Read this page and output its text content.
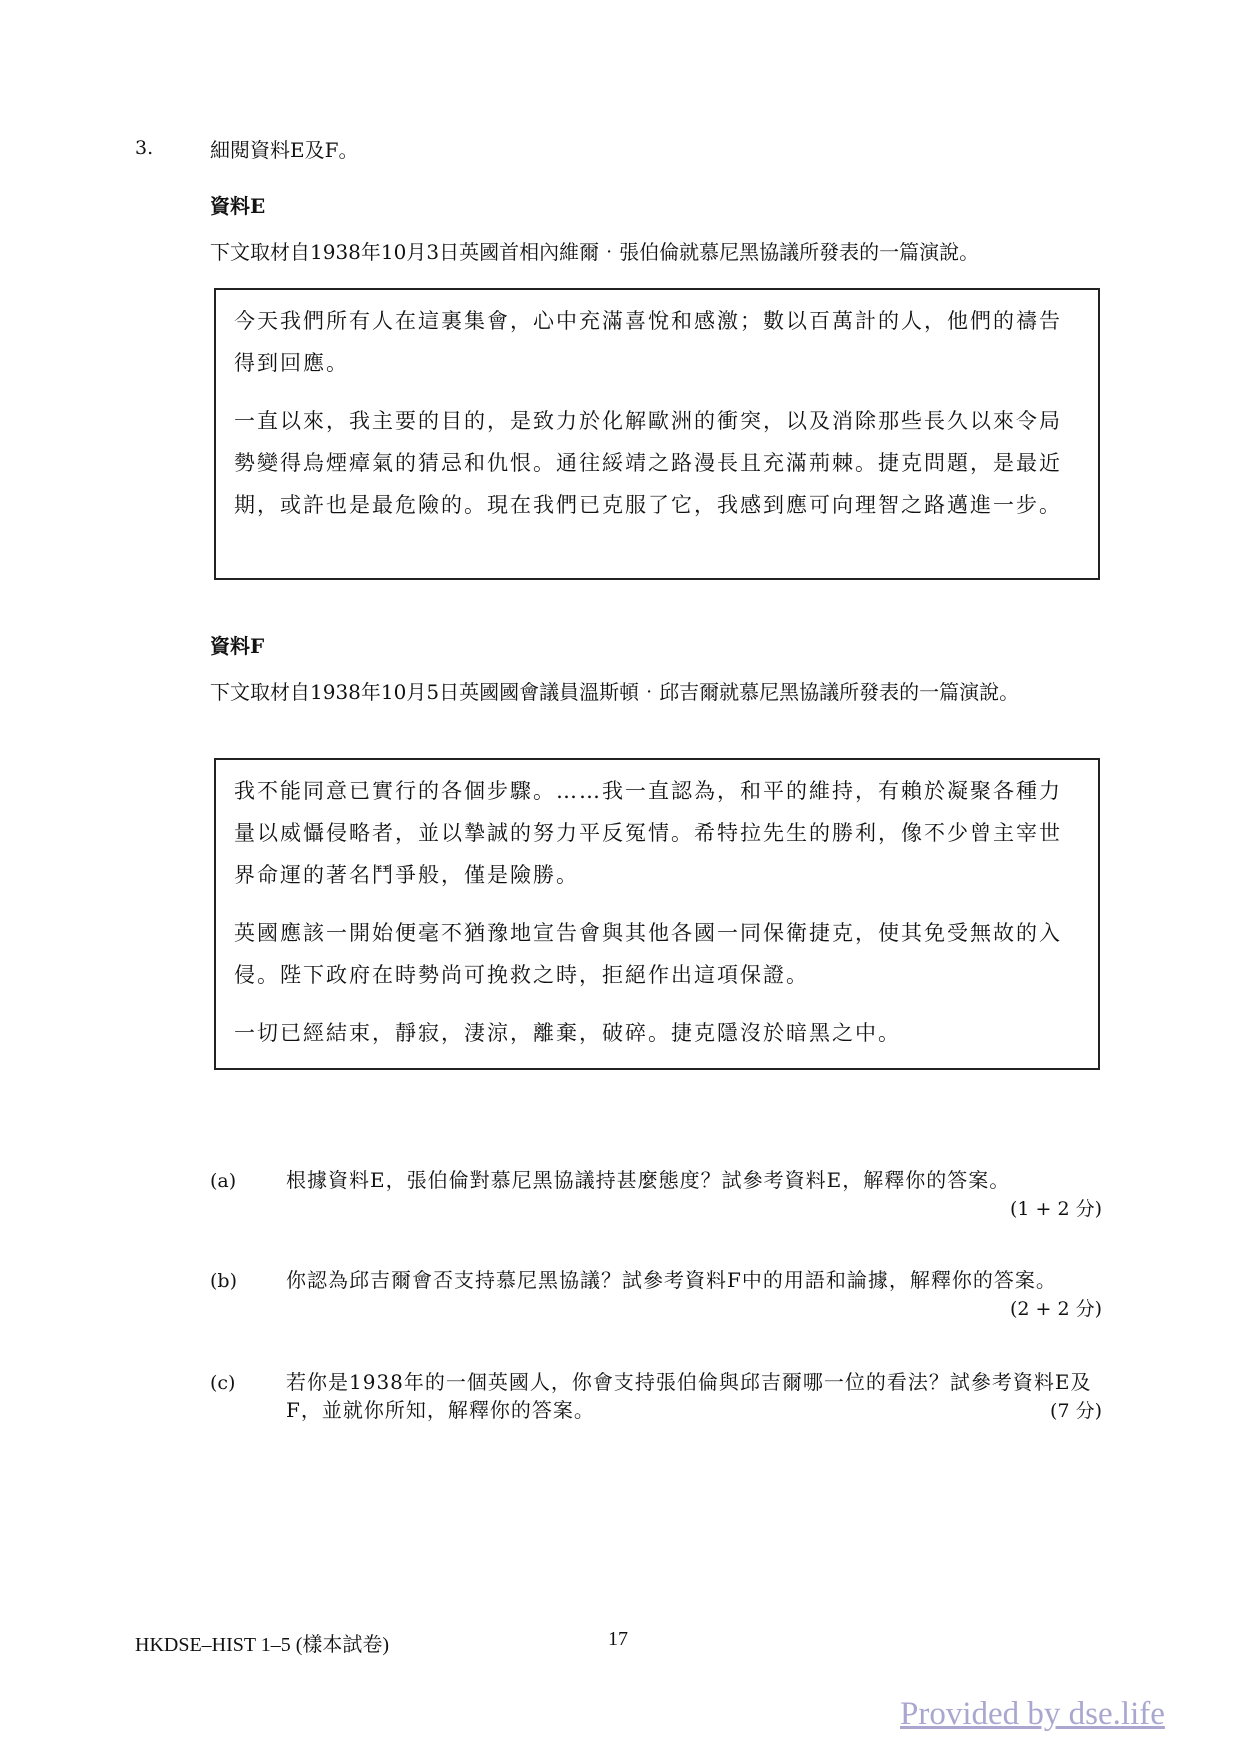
3.	細閱資料E及F。
資料E
下文取材自1938年10月3日英國首相內維爾‧張伯倫就慕尼黑協議所發表的一篇演說。

今天我們所有人在這裏集會，心中充滿喜悅和感激；數以百萬計的人，他們的禱告得到回應。

一直以來，我主要的目的，是致力於化解歐洲的衝突，以及消除那些長久以來令局勢變得烏煙瘴氣的猜忌和仇恨。通往綏靖之路漫長且充滿荊棘。捷克問題，是最近期，或許也是最危險的。現在我們已克服了它，我感到應可向理智之路邁進一步。

資料F
下文取材自1938年10月5日英國國會議員溫斯頓‧邱吉爾就慕尼黑協議所發表的一篇演說。

我不能同意已實行的各個步驟。……我一直認為，和平的維持，有賴於凝聚各種力量以威懾侵略者，並以摯誠的努力平反冤情。希特拉先生的勝利，像不少曾主宰世界命運的著名鬥爭般，僅是險勝。

英國應該一開始便毫不猶豫地宣告會與其他各國一同保衛捷克，使其免受無故的入侵。陛下政府在時勢尚可挽救之時，拒絕作出這項保證。

一切已經結束，靜寂，淒涼，離棄，破碎。捷克隱沒於暗黑之中。

(a) 根據資料E，張伯倫對慕尼黑協議持甚麼態度？試參考資料E，解釋你的答案。
(1 + 2 分)
(b) 你認為邱吉爾會否支持慕尼黑協議？試參考資料F中的用語和論據，解釋你的答案。
(2 + 2 分)
(c)	若你是1938年的一個英國人，你會支持張伯倫與邱吉爾哪一位的看法？試參考資料E及F，並就你所知，解釋你的答案。	(7 分)
HKDSE–HIST 1–5 (樣本試卷)	17
Provided by dse.life
